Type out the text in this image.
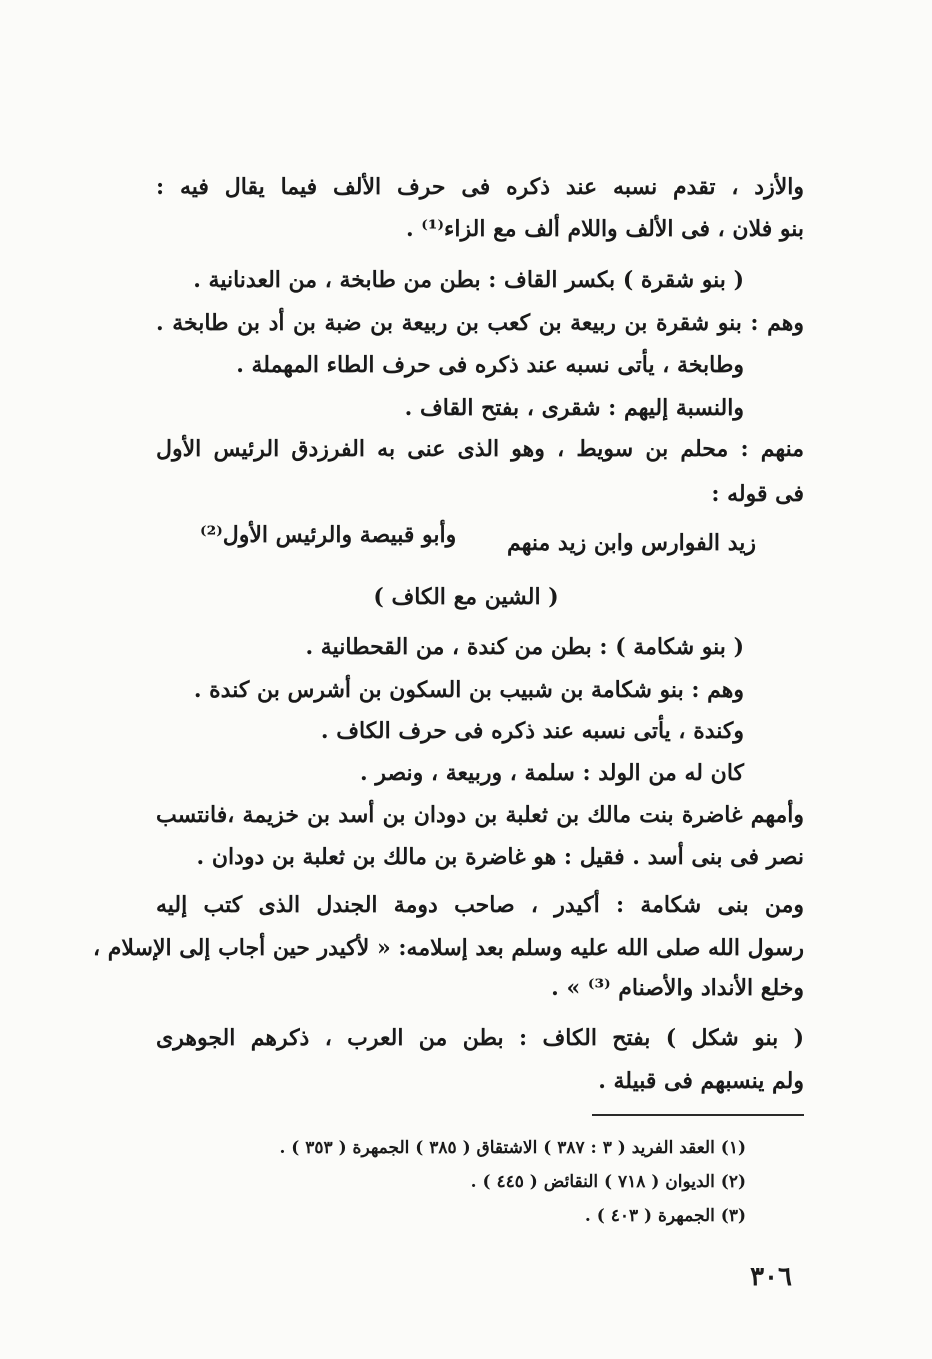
والأزد ، تقدم نسبه عند ذكره فى حرف الألف فيما يقال فيه :
بنو فلان ، فى الألف واللام ألف مع الزاء⁽¹⁾ .
( بنو شقرة ) بكسر القاف : بطن من طابخة ، من العدنانية .
وهم : بنو شقرة بن ربيعة بن كعب بن ربيعة بن ضبة بن أد بن طابخة .
وطابخة ، يأتى نسبه عند ذكره فى حرف الطاء المهملة .
والنسبة إليهم : شقرى ، بفتح القاف .
منهم : محلم بن سويط ، وهو الذى عنى به الفرزدق الرئيس الأول
فى قوله :
زيد الفوارس وابن زيد منهم
وأبو قبيصة والرئيس الأول⁽²⁾
( الشين مع الكاف )
( بنو شكامة ) : بطن من كندة ، من القحطانية .
وهم : بنو شكامة بن شبيب بن السكون بن أشرس بن كندة .
وكندة ، يأتى نسبه عند ذكره فى حرف الكاف .
كان له من الولد : سلمة ، وربيعة ، ونصر .
وأمهم غاضرة بنت مالك بن ثعلبة بن دودان بن أسد بن خزيمة ،فانتسب
نصر فى بنى أسد . فقيل : هو غاضرة بن مالك بن ثعلبة بن دودان .
ومن بنى شكامة : أكيدر ، صاحب دومة الجندل الذى كتب إليه
رسول الله صلى الله عليه وسلم بعد إسلامه: « لأكيدر حين أجاب إلى الإسلام ،
وخلع الأنداد والأصنام ⁽³⁾ » .
( بنو شكل ) بفتح الكاف : بطن من العرب ، ذكرهم الجوهرى
ولم ينسبهم فى قبيلة .
(١) العقد الفريد ( ٣ : ٣٨٧ ) الاشتقاق ( ٣٨٥ ) الجمهرة ( ٣٥٣ ) .
(٢) الديوان ( ٧١٨ ) النقائض ( ٤٤٥ ) .
(٣) الجمهرة ( ٤٠٣ ) .
٣٠٦
